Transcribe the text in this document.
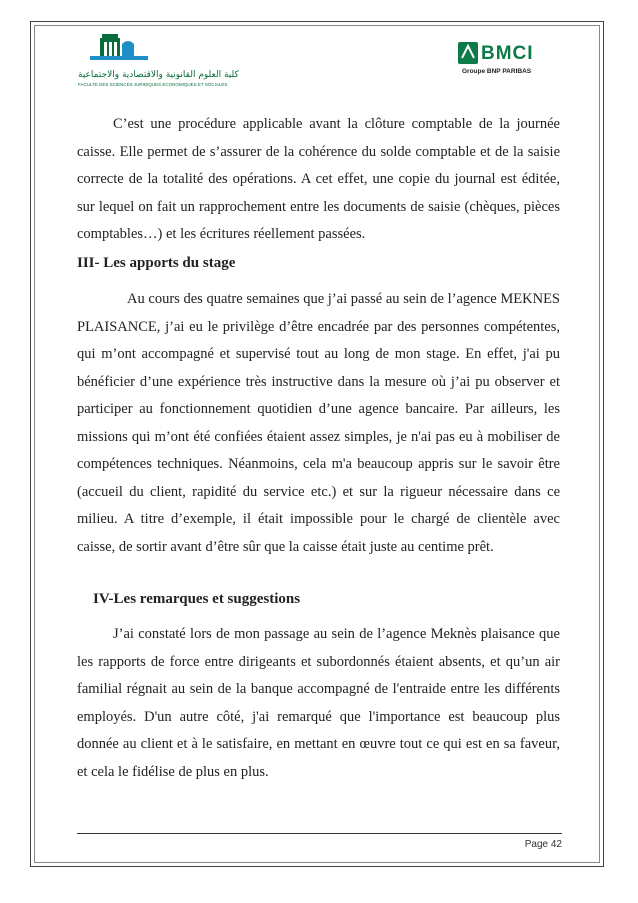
كلية العلوم القانونية والاقتصادية والاجتماعية
FACULTE DES SCIENCES JURIDIQUES ECONOMIQUES ET SOCIALES
BMCI
Groupe BNP PARIBAS
C’est une procédure applicable avant la clôture comptable de la journée caisse. Elle permet de s’assurer de la cohérence du solde comptable et de la saisie correcte de la totalité des opérations. A cet effet, une copie du journal est éditée, sur lequel on fait un rapprochement entre les documents de saisie (chèques, pièces comptables…) et les écritures réellement passées.
III- Les apports du stage
Au cours des quatre semaines que j’ai passé au sein de l’agence MEKNES PLAISANCE, j’ai eu le privilège d’être encadrée par des personnes compétentes, qui m’ont accompagné et supervisé tout au long de mon stage. En effet, j'ai pu bénéficier d’une expérience très instructive dans la mesure où j’ai pu observer et participer au fonctionnement quotidien d’une agence bancaire. Par ailleurs, les missions qui m’ont été confiées étaient assez simples, je n'ai pas eu à mobiliser de compétences techniques. Néanmoins, cela m'a beaucoup appris sur le savoir être (accueil du client, rapidité du service etc.) et sur la rigueur nécessaire dans ce milieu. A titre d’exemple, il était impossible pour le chargé de clientèle avec caisse, de sortir avant d’être sûr que la caisse était juste au centime prêt.
IV-Les remarques et suggestions
J’ai constaté lors de mon passage au sein de l’agence Meknès plaisance que les rapports de force entre dirigeants et subordonnés étaient absents, et qu’un air familial régnait au sein de la banque accompagné de l'entraide entre les différents employés. D'un autre côté, j'ai remarqué que l'importance est beaucoup plus donnée au client et à le satisfaire, en mettant en œuvre tout ce qui est en sa faveur, et cela le fidélise de plus en plus.
Page 42
